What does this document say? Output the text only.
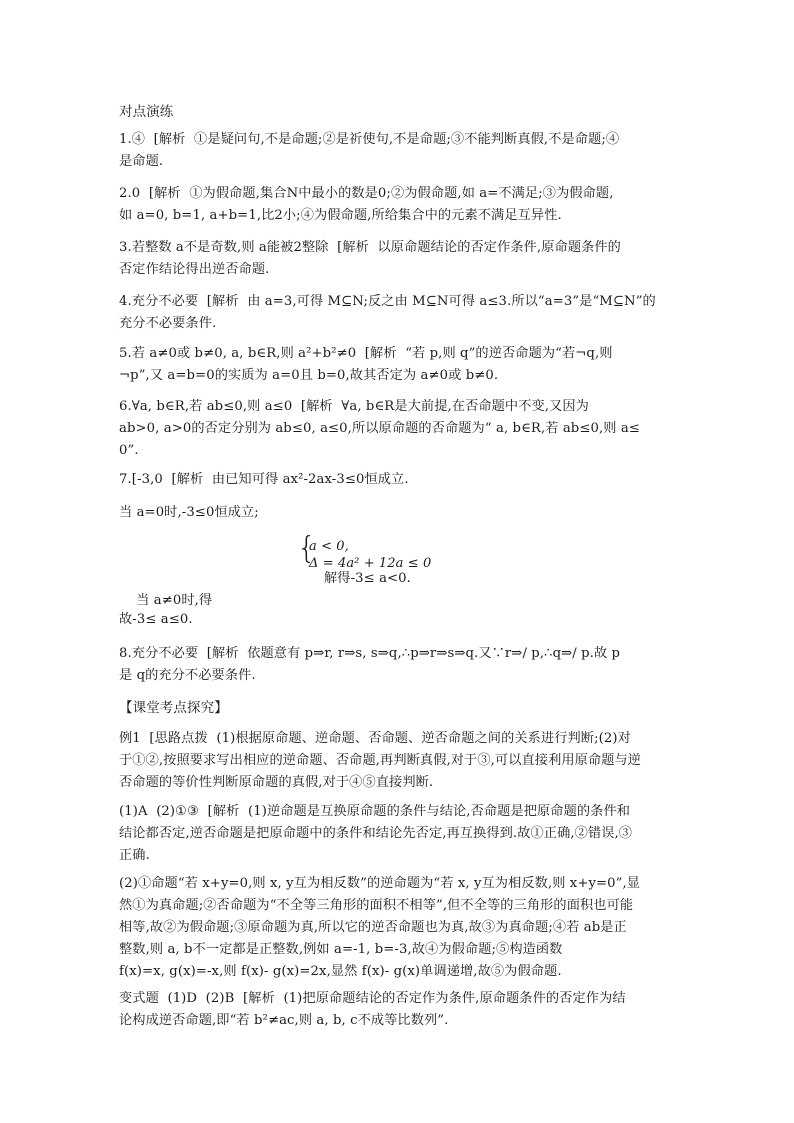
对点演练
1.④  [解析  ①是疑问句,不是命题;②是祈使句,不是命题;③不能判断真假,不是命题;④
是命题.
2.0  [解析  ①为假命题,集合N中最小的数是0;②为假命题,如 a=不满足;③为假命题,
如 a=0, b=1, a+b=1,比2小;④为假命题,所给集合中的元素不满足互异性.
3.若整数 a不是奇数,则 a能被2整除  [解析  以原命题结论的否定作条件,原命题条件的
否定作结论得出逆否命题.
4.充分不必要  [解析  由 a=3,可得 M⊆N;反之由 M⊆N可得 a≤3.所以“a=3”是“M⊆N”的
充分不必要条件.
5.若 a≠0或 b≠0, a, b∈R,则 a²+b²≠0  [解析  “若 p,则 q”的逆否命题为“若¬q,则
¬p”,又 a=b=0的实质为 a=0且 b=0,故其否定为 a≠0或 b≠0.
6.∀a, b∈R,若 ab≤0,则 a≤0  [解析  ∀a, b∈R是大前提,在否命题中不变,又因为
ab>0, a>0的否定分别为 ab≤0, a≤0,所以原命题的否命题为“ a, b∈R,若 ab≤0,则 a≤
0”.
7.[-3,0  [解析  由已知可得 ax²-2ax-3≤0恒成立.
当 a=0时,-3≤0恒成立;

当 a≠0时,得

{

a < 0,

Δ = 4a² + 12a ≤ 0

解得-3≤ a<0.

故-3≤ a≤0.
8.充分不必要  [解析  依题意有 p⇒r, r⇒s, s⇒q,∴p⇒r⇒s⇒q.又∵r⇒/ p,∴q⇒/ p.故 p
是 q的充分不必要条件.
【课堂考点探究】
例1  [思路点拨  (1)根据原命题、逆命题、否命题、逆否命题之间的关系进行判断;(2)对
于①②,按照要求写出相应的逆命题、否命题,再判断真假,对于③,可以直接利用原命题与逆
否命题的等价性判断原命题的真假,对于④⑤直接判断.
(1)A  (2)①③  [解析  (1)逆命题是互换原命题的条件与结论,否命题是把原命题的条件和
结论都否定,逆否命题是把原命题中的条件和结论先否定,再互换得到.故①正确,②错误,③
正确.
(2)①命题“若 x+y=0,则 x, y互为相反数”的逆命题为“若 x, y互为相反数,则 x+y=0”,显
然①为真命题;②否命题为“不全等三角形的面积不相等”,但不全等的三角形的面积也可能
相等,故②为假命题;③原命题为真,所以它的逆否命题也为真,故③为真命题;④若 ab是正
整数,则 a, b不一定都是正整数,例如 a=-1, b=-3,故④为假命题;⑤构造函数
f(x)=x, g(x)=-x,则 f(x)- g(x)=2x,显然 f(x)- g(x)单调递增,故⑤为假命题.
变式题  (1)D  (2)B  [解析  (1)把原命题结论的否定作为条件,原命题条件的否定作为结
论构成逆否命题,即“若 b²≠ac,则 a, b, c不成等比数列”.
